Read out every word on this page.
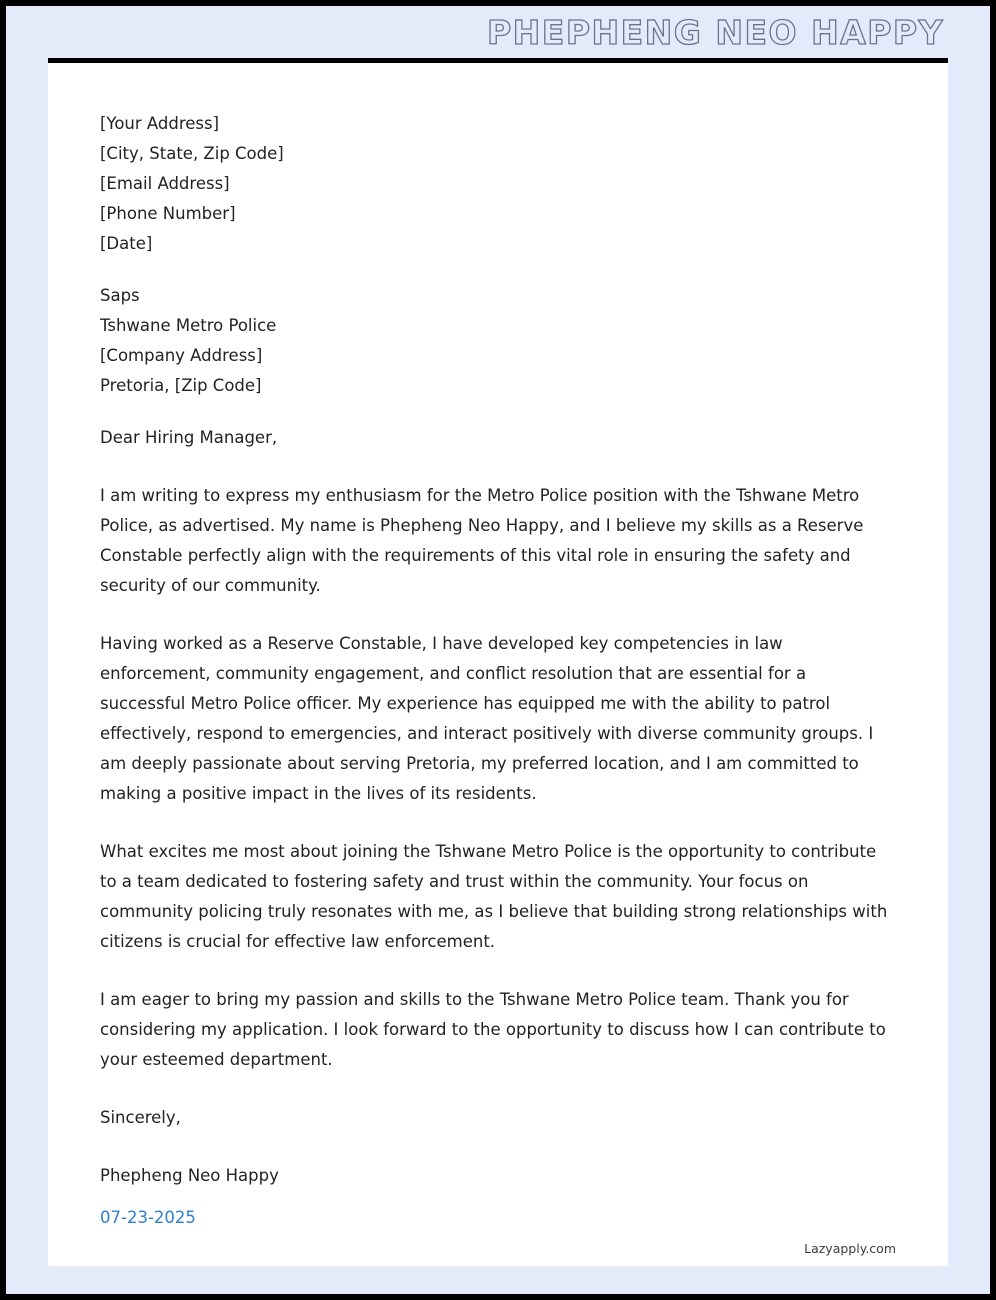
PHEPHENG NEO HAPPY
[Your Address]
[City, State, Zip Code]
[Email Address]
[Phone Number]
[Date]
Saps
Tshwane Metro Police
[Company Address]
Pretoria, [Zip Code]
Dear Hiring Manager,
I am writing to express my enthusiasm for the Metro Police position with the Tshwane Metro Police, as advertised. My name is Phepheng Neo Happy, and I believe my skills as a Reserve Constable perfectly align with the requirements of this vital role in ensuring the safety and security of our community.
Having worked as a Reserve Constable, I have developed key competencies in law enforcement, community engagement, and conflict resolution that are essential for a successful Metro Police officer. My experience has equipped me with the ability to patrol effectively, respond to emergencies, and interact positively with diverse community groups. I am deeply passionate about serving Pretoria, my preferred location, and I am committed to making a positive impact in the lives of its residents.
What excites me most about joining the Tshwane Metro Police is the opportunity to contribute to a team dedicated to fostering safety and trust within the community. Your focus on community policing truly resonates with me, as I believe that building strong relationships with citizens is crucial for effective law enforcement.
I am eager to bring my passion and skills to the Tshwane Metro Police team. Thank you for considering my application. I look forward to the opportunity to discuss how I can contribute to your esteemed department.
Sincerely,
Phepheng Neo Happy
07-23-2025
Lazyapply.com
